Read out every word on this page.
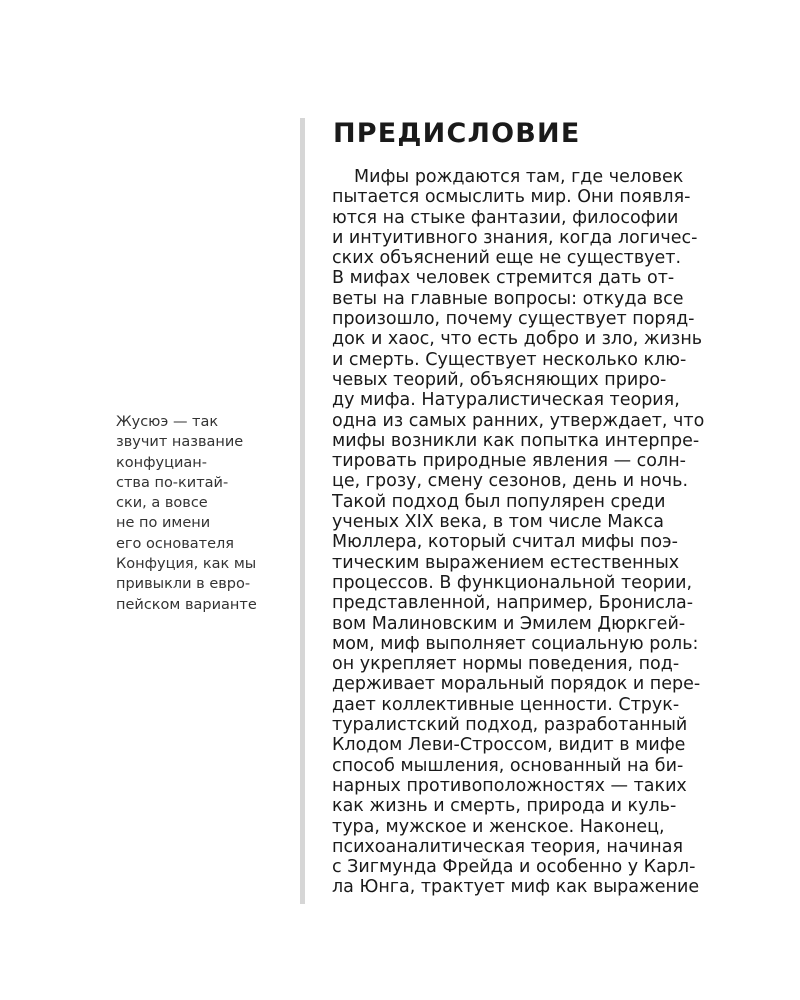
Жусюэ — так
звучит название
конфуциан-
ства по-китай-
ски, а вовсе
не по имени
его основателя
Конфуция, как мы
привыкли в евро-
пейском варианте
ПРЕДИСЛОВИЕ
Мифы рождаются там, где человек
пытается осмыслить мир. Они появля-
ются на стыке фантазии, философии
и интуитивного знания, когда логичес-
ских объяснений еще не существует.
В мифах человек стремится дать от-
веты на главные вопросы: откуда все
произошло, почему существует поряд-
док и хаос, что есть добро и зло, жизнь
и смерть. Существует несколько клю-
чевых теорий, объясняющих приро-
ду мифа. Натуралистическая теория,
одна из самых ранних, утверждает, что
мифы возникли как попытка интерпре-
тировать природные явления — солн-
це, грозу, смену сезонов, день и ночь.
Такой подход был популярен среди
ученых XIX века, в том числе Макса
Мюллера, который считал мифы поэ-
тическим выражением естественных
процессов. В функциональной теории,
представленной, например, Бронисла-
вом Малиновским и Эмилем Дюркгей-
мом, миф выполняет социальную роль:
он укрепляет нормы поведения, под-
держивает моральный порядок и пере-
дает коллективные ценности. Струк-
туралистский подход, разработанный
Клодом Леви-Строссом, видит в мифе
способ мышления, основанный на би-
нарных противоположностях — таких
как жизнь и смерть, природа и куль-
тура, мужское и женское. Наконец,
психоаналитическая теория, начиная
с Зигмунда Фрейда и особенно у Карл-
ла Юнга, трактует миф как выражение
